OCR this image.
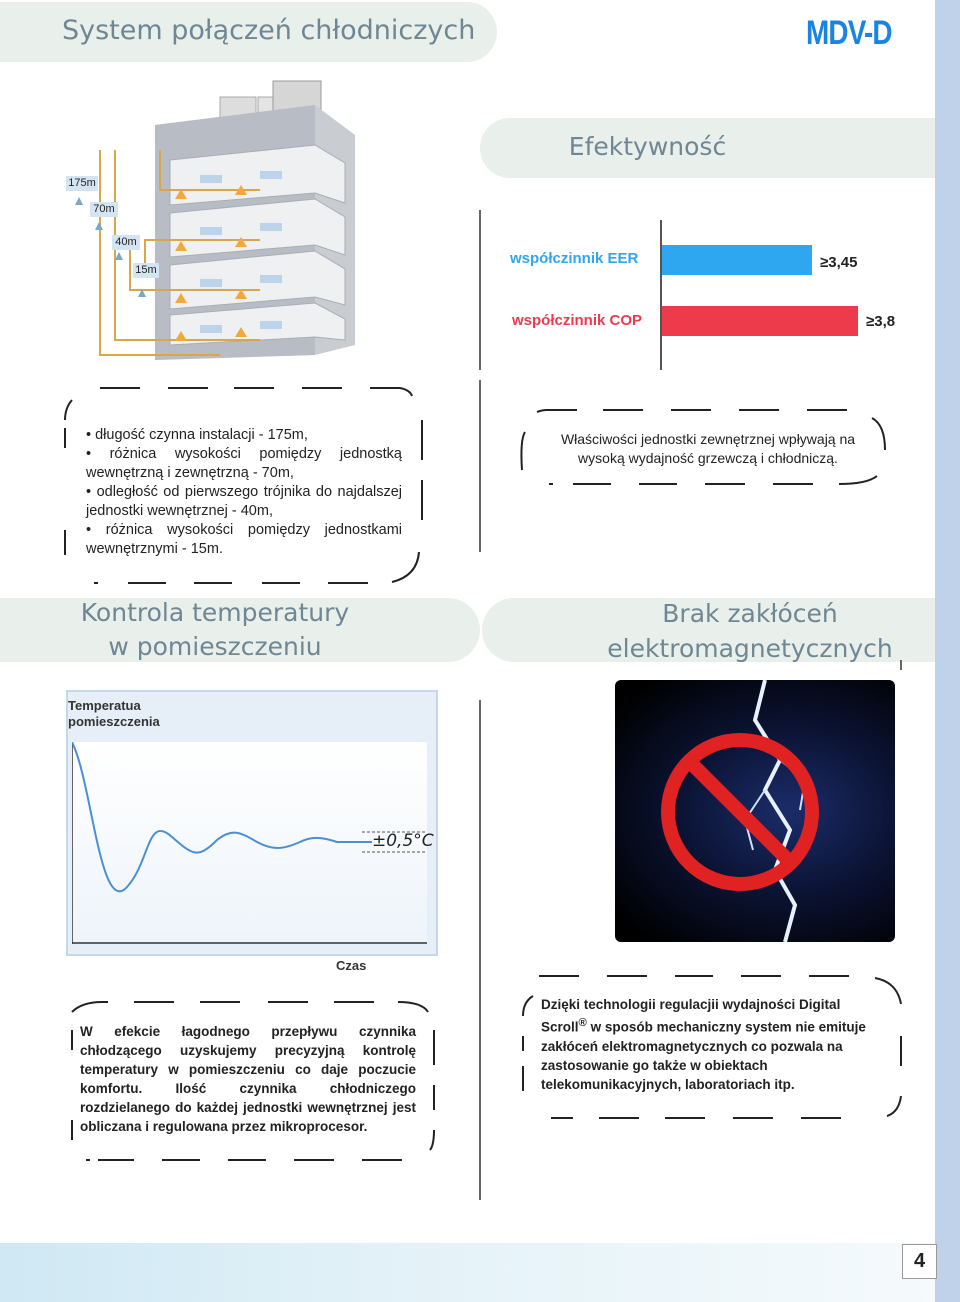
System połączeń chłodniczych	MDV-D
175m
70m
40m
15m
Efektywność
współczinnik EER	≥3,45
współczinnik COP	≥3,8
• długość czynna instalacji - 175m,
• różnica wysokości pomiędzy jednostką wewnętrzną i zewnętrzną - 70m,
• odległość od pierwszego trójnika do najdalszej jednostki wewnętrznej - 40m,
• różnica wysokości pomiędzy jednostkami wewnętrznymi - 15m.
Właściwości jednostki zewnętrznej wpływają na wysoką wydajność grzewczą i chłodniczą.
Kontrola temperatury
w pomieszczeniu
Brak zakłóceń
elektromagnetycznych
Temperatua
pomieszczenia
±0,5°C
Czas
W efekcie łagodnego przepływu czynnika chłodzącego uzyskujemy precyzyjną kontrolę temperatury w pomieszczeniu co daje poczucie komfortu. Ilość czynnika chłodniczego rozdzielanego do każdej jednostki wewnętrznej jest obliczana i regulowana przez mikroprocesor.
Dzięki technologii regulacjii wydajności Digital Scroll® w sposób mechaniczny system nie emituje zakłóceń elektromagnetycznych co pozwala na zastosowanie go także w obiektach telekomunikacyjnych, laboratoriach itp.
4
